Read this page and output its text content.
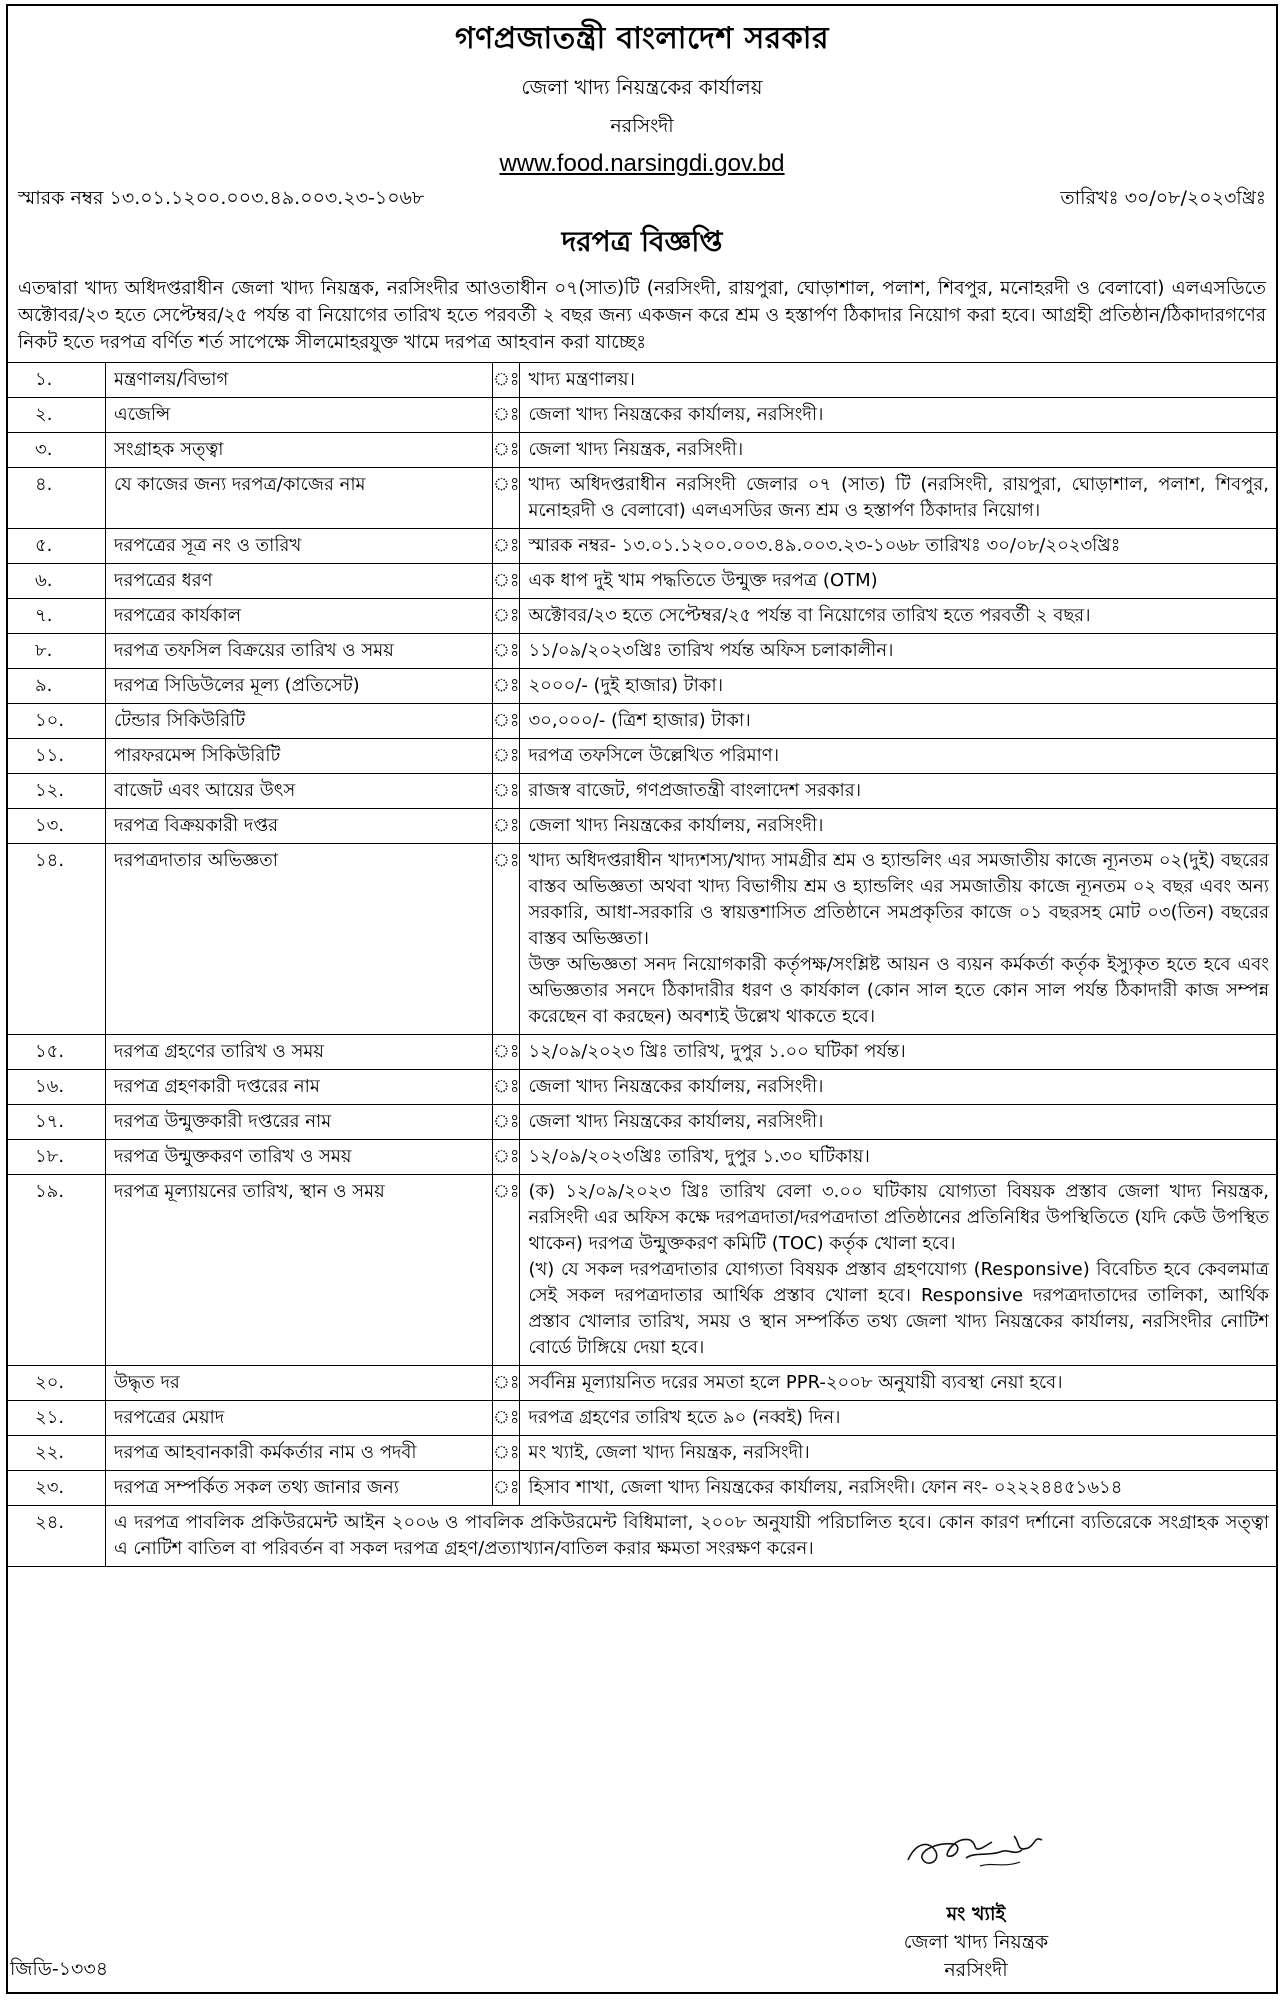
গণপ্রজাতন্ত্রী বাংলাদেশ সরকার
জেলা খাদ্য নিয়ন্ত্রকের কার্যালয়
নরসিংদী
www.food.narsingdi.gov.bd
স্মারক নম্বর ১৩.০১.১২০০.০০৩.৪৯.০০৩.২৩-১০৬৮	তারিখঃ ৩০/০৮/২০২৩খ্রিঃ
দরপত্র বিজ্ঞপ্তি
এতদ্বারা খাদ্য অধিদপ্তরাধীন জেলা খাদ্য নিয়ন্ত্রক, নরসিংদীর আওতাধীন ০৭(সাত)টি (নরসিংদী, রায়পুরা, ঘোড়াশাল, পলাশ, শিবপুর, মনোহরদী ও বেলাবো) এলএসডিতে অক্টোবর/২৩ হতে সেপ্টেম্বর/২৫ পর্যন্ত বা নিয়োগের তারিখ হতে পরবর্তী ২ বছর জন্য একজন করে শ্রম ও হস্তার্পণ ঠিকাদার নিয়োগ করা হবে। আগ্রহী প্রতিষ্ঠান/ঠিকাদারগণের নিকট হতে দরপত্র বর্ণিত শর্ত সাপেক্ষে সীলমোহরযুক্ত খামে দরপত্র আহবান করা যাচ্ছেঃ
১.	মন্ত্রণালয়/বিভাগ	ঃ	খাদ্য মন্ত্রণালয়।

২.	এজেন্সি	ঃ	জেলা খাদ্য নিয়ন্ত্রকের কার্যালয়, নরসিংদী।

৩.	সংগ্রাহক সত্ত্বা	ঃ	জেলা খাদ্য নিয়ন্ত্রক, নরসিংদী।

৪.	যে কাজের জন্য দরপত্র/কাজের নাম	ঃ	খাদ্য অধিদপ্তরাধীন নরসিংদী জেলার ০৭ (সাত) টি (নরসিংদী, রায়পুরা, ঘোড়াশাল, পলাশ, শিবপুর, মনোহরদী ও বেলাবো) এলএসডির জন্য শ্রম ও হস্তার্পণ ঠিকাদার নিয়োগ।

৫.	দরপত্রের সূত্র নং ও তারিখ	ঃ	স্মারক নম্বর- ১৩.০১.১২০০.০০৩.৪৯.০০৩.২৩-১০৬৮ তারিখঃ ৩০/০৮/২০২৩খ্রিঃ

৬.	দরপত্রের ধরণ	ঃ	এক ধাপ দুই খাম পদ্ধতিতে উন্মুক্ত দরপত্র (OTM)

৭.	দরপত্রের কার্যকাল	ঃ	অক্টোবর/২৩ হতে সেপ্টেম্বর/২৫ পর্যন্ত বা নিয়োগের তারিখ হতে পরবর্তী ২ বছর।

৮.	দরপত্র তফসিল বিক্রয়ের তারিখ ও সময়	ঃ	১১/০৯/২০২৩খ্রিঃ তারিখ পর্যন্ত অফিস চলাকালীন।

৯.	দরপত্র সিডিউলের মূল্য (প্রতিসেট)	ঃ	২০০০/- (দুই হাজার) টাকা।

১০.	টেন্ডার সিকিউরিটি	ঃ	৩০,০০০/- (ত্রিশ হাজার) টাকা।

১১.	পারফরমেন্স সিকিউরিটি	ঃ	দরপত্র তফসিলে উল্লেখিত পরিমাণ।

১২.	বাজেট এবং আয়ের উৎস	ঃ	রাজস্ব বাজেট, গণপ্রজাতন্ত্রী বাংলাদেশ সরকার।

১৩.	দরপত্র বিক্রয়কারী দপ্তর	ঃ	জেলা খাদ্য নিয়ন্ত্রকের কার্যালয়, নরসিংদী।

১৪.	দরপত্রদাতার অভিজ্ঞতা	ঃ	খাদ্য অধিদপ্তরাধীন খাদ্যশস্য/খাদ্য সামগ্রীর শ্রম ও হ্যান্ডলিং এর সমজাতীয় কাজে ন্যূনতম ০২(দুই) বছরের বাস্তব অভিজ্ঞতা অথবা খাদ্য বিভাগীয় শ্রম ও হ্যান্ডলিং এর সমজাতীয় কাজে ন্যূনতম ০২ বছর এবং অন্য সরকারি, আধা-সরকারি ও স্বায়ত্তশাসিত প্রতিষ্ঠানে সমপ্রকৃতির কাজে ০১ বছরসহ মোট ০৩(তিন) বছরের বাস্তব অভিজ্ঞতা।
উক্ত অভিজ্ঞতা সনদ নিয়োগকারী কর্তৃপক্ষ/সংশ্লিষ্ট আয়ন ও ব্যয়ন কর্মকর্তা কর্তৃক ইস্যুকৃত হতে হবে এবং অভিজ্ঞতার সনদে ঠিকাদারীর ধরণ ও কার্যকাল (কোন সাল হতে কোন সাল পর্যন্ত ঠিকাদারী কাজ সম্পন্ন করেছেন বা করছেন) অবশ্যই উল্লেখ থাকতে হবে।

১৫.	দরপত্র গ্রহণের তারিখ ও সময়	ঃ	১২/০৯/২০২৩ খ্রিঃ তারিখ, দুপুর ১.০০ ঘটিকা পর্যন্ত।

১৬.	দরপত্র গ্রহণকারী দপ্তরের নাম	ঃ	জেলা খাদ্য নিয়ন্ত্রকের কার্যালয়, নরসিংদী।

১৭.	দরপত্র উন্মুক্তকারী দপ্তরের নাম	ঃ	জেলা খাদ্য নিয়ন্ত্রকের কার্যালয়, নরসিংদী।

১৮.	দরপত্র উন্মুক্তকরণ তারিখ ও সময়	ঃ	১২/০৯/২০২৩খ্রিঃ তারিখ, দুপুর ১.৩০ ঘটিকায়।

১৯.	দরপত্র মূল্যায়নের তারিখ, স্থান ও সময়	ঃ	(ক) ১২/০৯/২০২৩ খ্রিঃ তারিখ বেলা ৩.০০ ঘটিকায় যোগ্যতা বিষয়ক প্রস্তাব জেলা খাদ্য নিয়ন্ত্রক, নরসিংদী এর অফিস কক্ষে দরপত্রদাতা/দরপত্রদাতা প্রতিষ্ঠানের প্রতিনিধির উপস্থিতিতে (যদি কেউ উপস্থিত থাকেন) দরপত্র উন্মুক্তকরণ কমিটি (TOC) কর্তৃক খোলা হবে।
(খ) যে সকল দরপত্রদাতার যোগ্যতা বিষয়ক প্রস্তাব গ্রহণযোগ্য (Responsive) বিবেচিত হবে কেবলমাত্র সেই সকল দরপত্রদাতার আর্থিক প্রস্তাব খোলা হবে। Responsive দরপত্রদাতাদের তালিকা, আর্থিক প্রস্তাব খোলার তারিখ, সময় ও স্থান সম্পর্কিত তথ্য জেলা খাদ্য নিয়ন্ত্রকের কার্যালয়, নরসিংদীর নোটিশ বোর্ডে টাঙ্গিয়ে দেয়া হবে।

২০.	উদ্ধৃত দর	ঃ	সর্বনিম্ন মূল্যায়নিত দরের সমতা হলে PPR-২০০৮ অনুযায়ী ব্যবস্থা নেয়া হবে।

২১.	দরপত্রের মেয়াদ	ঃ	দরপত্র গ্রহণের তারিখ হতে ৯০ (নব্বই) দিন।

২২.	দরপত্র আহবানকারী কর্মকর্তার নাম ও পদবী	ঃ	মং খ্যাই, জেলা খাদ্য নিয়ন্ত্রক, নরসিংদী।

২৩.	দরপত্র সম্পর্কিত সকল তথ্য জানার জন্য	ঃ	হিসাব শাখা, জেলা খাদ্য নিয়ন্ত্রকের কার্যালয়, নরসিংদী। ফোন নং- ০২২২৪৪৫১৬১৪

২৪.	এ দরপত্র পাবলিক প্রকিউরমেন্ট আইন ২০০৬ ও পাবলিক প্রকিউরমেন্ট বিধিমালা, ২০০৮ অনুযায়ী পরিচালিত হবে। কোন কারণ দর্শানো ব্যতিরেকে সংগ্রাহক সত্ত্বা এ নোটিশ বাতিল বা পরিবর্তন বা সকল দরপত্র গ্রহণ/প্রত্যাখ্যান/বাতিল করার ক্ষমতা সংরক্ষণ করেন।		
মং খ্যাই
জেলা খাদ্য নিয়ন্ত্রক
নরসিংদী
জিডি-১৩৩৪
